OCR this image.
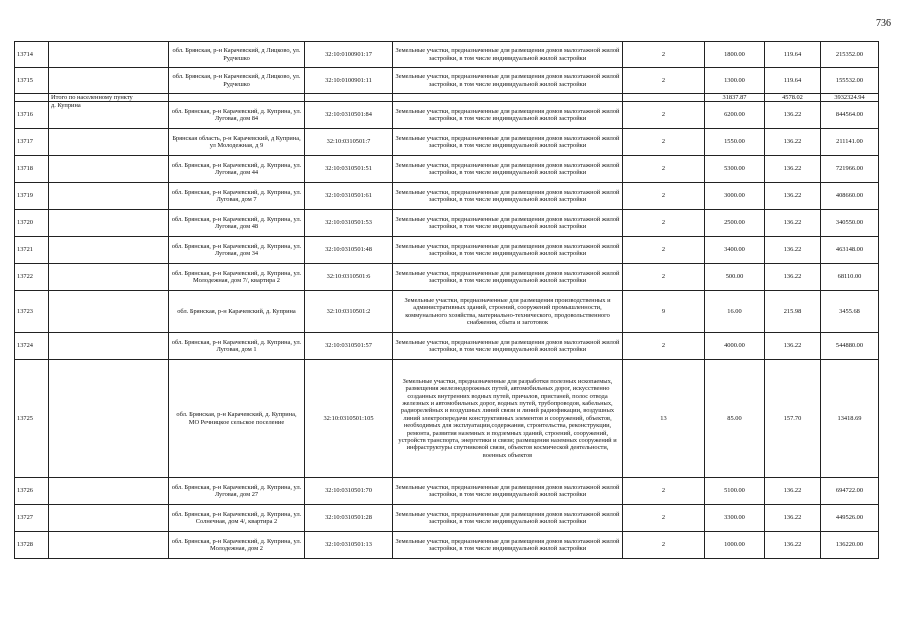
736
13714		обл. Брянская, р-н Карачевский, д Лицково, ул. Рудчешко	32:10:0100901:17	Земельные участки, предназначенные для размещения домов малоэтажной жилой застройки, в том числе индивидуальной жилой застройки	2	1800.00	119.64	215352.00
13715		обл. Брянская, р-н Карачевский, д Лицково, ул. Рудчешко	32:10:0100901:11	Земельные участки, предназначенные для размещения домов малоэтажной жилой застройки, в том числе индивидуальной жилой застройки	2	1300.00	119.64	155532.00
	Итого по населенному пункту					31837.87	4578.02	3932324.94
13716	д. Куприна	обл. Брянская, р-н Карачевский, д. Куприна, ул. Луговая, дом 84	32:10:0310501:84	Земельные участки, предназначенные для размещения домов малоэтажной жилой застройки, в том числе индивидуальной жилой застройки	2	6200.00	136.22	844564.00
13717		Брянская область, р-н Карачевский, д Куприна, ул Молодежная, д 9	32:10:0310501:7	Земельные участки, предназначенные для размещения домов малоэтажной жилой застройки, в том числе индивидуальной жилой застройки	2	1550.00	136.22	211141.00
13718		обл. Брянская, р-н Карачевский, д. Куприна, ул. Луговая, дом 44	32:10:0310501:51	Земельные участки, предназначенные для размещения домов малоэтажной жилой застройки, в том числе индивидуальной жилой застройки	2	5300.00	136.22	721966.00
13719		обл. Брянская, р-н Карачевский, д. Куприна, ул. Луговая, дом 7	32:10:0310501:61	Земельные участки, предназначенные для размещения домов малоэтажной жилой застройки, в том числе индивидуальной жилой застройки	2	3000.00	136.22	408660.00
13720		обл. Брянская, р-н Карачевский, д. Куприна, ул. Луговая, дом 48	32:10:0310501:53	Земельные участки, предназначенные для размещения домов малоэтажной жилой застройки, в том числе индивидуальной жилой застройки	2	2500.00	136.22	340550.00
13721		обл. Брянская, р-н Карачевский, д. Куприна, ул. Луговая, дом 34	32:10:0310501:48	Земельные участки, предназначенные для размещения домов малоэтажной жилой застройки, в том числе индивидуальной жилой застройки	2	3400.00	136.22	463148.00
13722		обл. Брянская, р-н Карачевский, д. Куприна, ул. Молодежная, дом 7/, квартира 2	32:10:0310501:6	Земельные участки, предназначенные для размещения домов малоэтажной жилой застройки, в том числе индивидуальной жилой застройки	2	500.00	136.22	68110.00
13723		обл. Брянская, р-н Карачевский, д. Куприна	32:10:0310501:2	Земельные участки, предназначенные для размещения производственных и административных зданий, строений, сооружений промышленности, коммунального хозяйства, материально-технического, продовольственного снабжения, сбыта и заготовок	9	16.00	215.98	3455.68
13724		обл. Брянская, р-н Карачевский, д. Куприна, ул. Луговая, дом 1	32:10:0310501:57	Земельные участки, предназначенные для размещения домов малоэтажной жилой застройки, в том числе индивидуальной жилой застройки	2	4000.00	136.22	544880.00
13725		обл. Брянская, р-н Карачевский, д. Куприна, МО Речницкое сельское поселение	32:10:0310501:105	Земельные участки, предназначенные для разработки полезных ископаемых, размещения железнодорожных путей, автомобильных дорог, искусственно созданных внутренних водных путей, причалов, пристаней, полос отвода железных и автомобильных дорог, водных путей, трубопроводов, кабельных, радиорелейных и воздушных линий связи и линий радиофикации, воздушных линий электропередачи конструктивных элементов и сооружений, объектов, необходимых для эксплуатации,содержания, строительства, реконструкции, ремонта, развития наземных и подземных зданий, строений, сооружений, устройств транспорта, энергетики и связи; размещения наземных сооружений и инфраструктуры спутниковой связи, объектов космической деятельности, военных объектов	13	85.00	157.70	13418.69
13726		обл. Брянская, р-н Карачевский, д. Куприна, ул. Луговая, дом 27	32:10:0310501:70	Земельные участки, предназначенные для размещения домов малоэтажной жилой застройки, в том числе индивидуальной жилой застройки	2	5100.00	136.22	694722.00
13727		обл. Брянская, р-н Карачевский, д. Куприна, ул. Солнечная, дом 4/, квартира 2	32:10:0310501:28	Земельные участки, предназначенные для размещения домов малоэтажной жилой застройки, в том числе индивидуальной жилой застройки	2	3300.00	136.22	449526.00
13728		обл. Брянская, р-н Карачевский, д. Куприна, ул. Молодежная, дом 2	32:10:0310501:13	Земельные участки, предназначенные для размещения домов малоэтажной жилой застройки, в том числе индивидуальной жилой застройки	2	1000.00	136.22	136220.00
